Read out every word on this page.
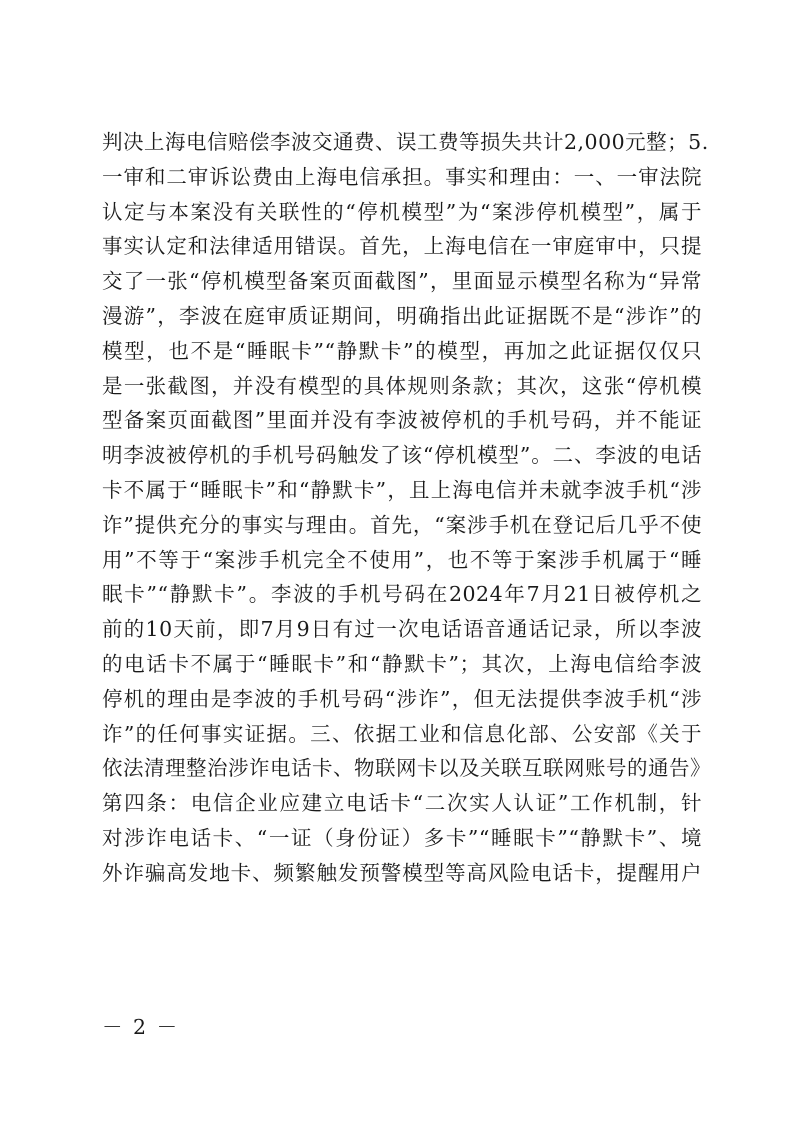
判决上海电信赔偿李波交通费、误工费等损失共计2,000元整；5.
一审和二审诉讼费由上海电信承担。事实和理由：一、一审法院
认定与本案没有关联性的“停机模型”为“案涉停机模型”，属于
事实认定和法律适用错误。首先，上海电信在一审庭审中，只提
交了一张“停机模型备案页面截图”，里面显示模型名称为“异常
漫游”，李波在庭审质证期间，明确指出此证据既不是“涉诈”的
模型，也不是“睡眠卡”“静默卡”的模型，再加之此证据仅仅只
是一张截图，并没有模型的具体规则条款；其次，这张“停机模
型备案页面截图”里面并没有李波被停机的手机号码，并不能证
明李波被停机的手机号码触发了该“停机模型”。二、李波的电话
卡不属于“睡眠卡”和“静默卡”，且上海电信并未就李波手机“涉
诈”提供充分的事实与理由。首先，“案涉手机在登记后几乎不使
用”不等于“案涉手机完全不使用”，也不等于案涉手机属于“睡
眠卡”“静默卡”。李波的手机号码在2024年7月21日被停机之
前的10天前，即7月9日有过一次电话语音通话记录，所以李波
的电话卡不属于“睡眠卡”和“静默卡”；其次，上海电信给李波
停机的理由是李波的手机号码“涉诈”，但无法提供李波手机“涉
诈”的任何事实证据。三、依据工业和信息化部、公安部《关于
依法清理整治涉诈电话卡、物联网卡以及关联互联网账号的通告》
第四条：电信企业应建立电话卡“二次实人认证”工作机制，针
对涉诈电话卡、“一证（身份证）多卡”“睡眠卡”“静默卡”、境
外诈骗高发地卡、频繁触发预警模型等高风险电话卡，提醒用户
－ 2 －
